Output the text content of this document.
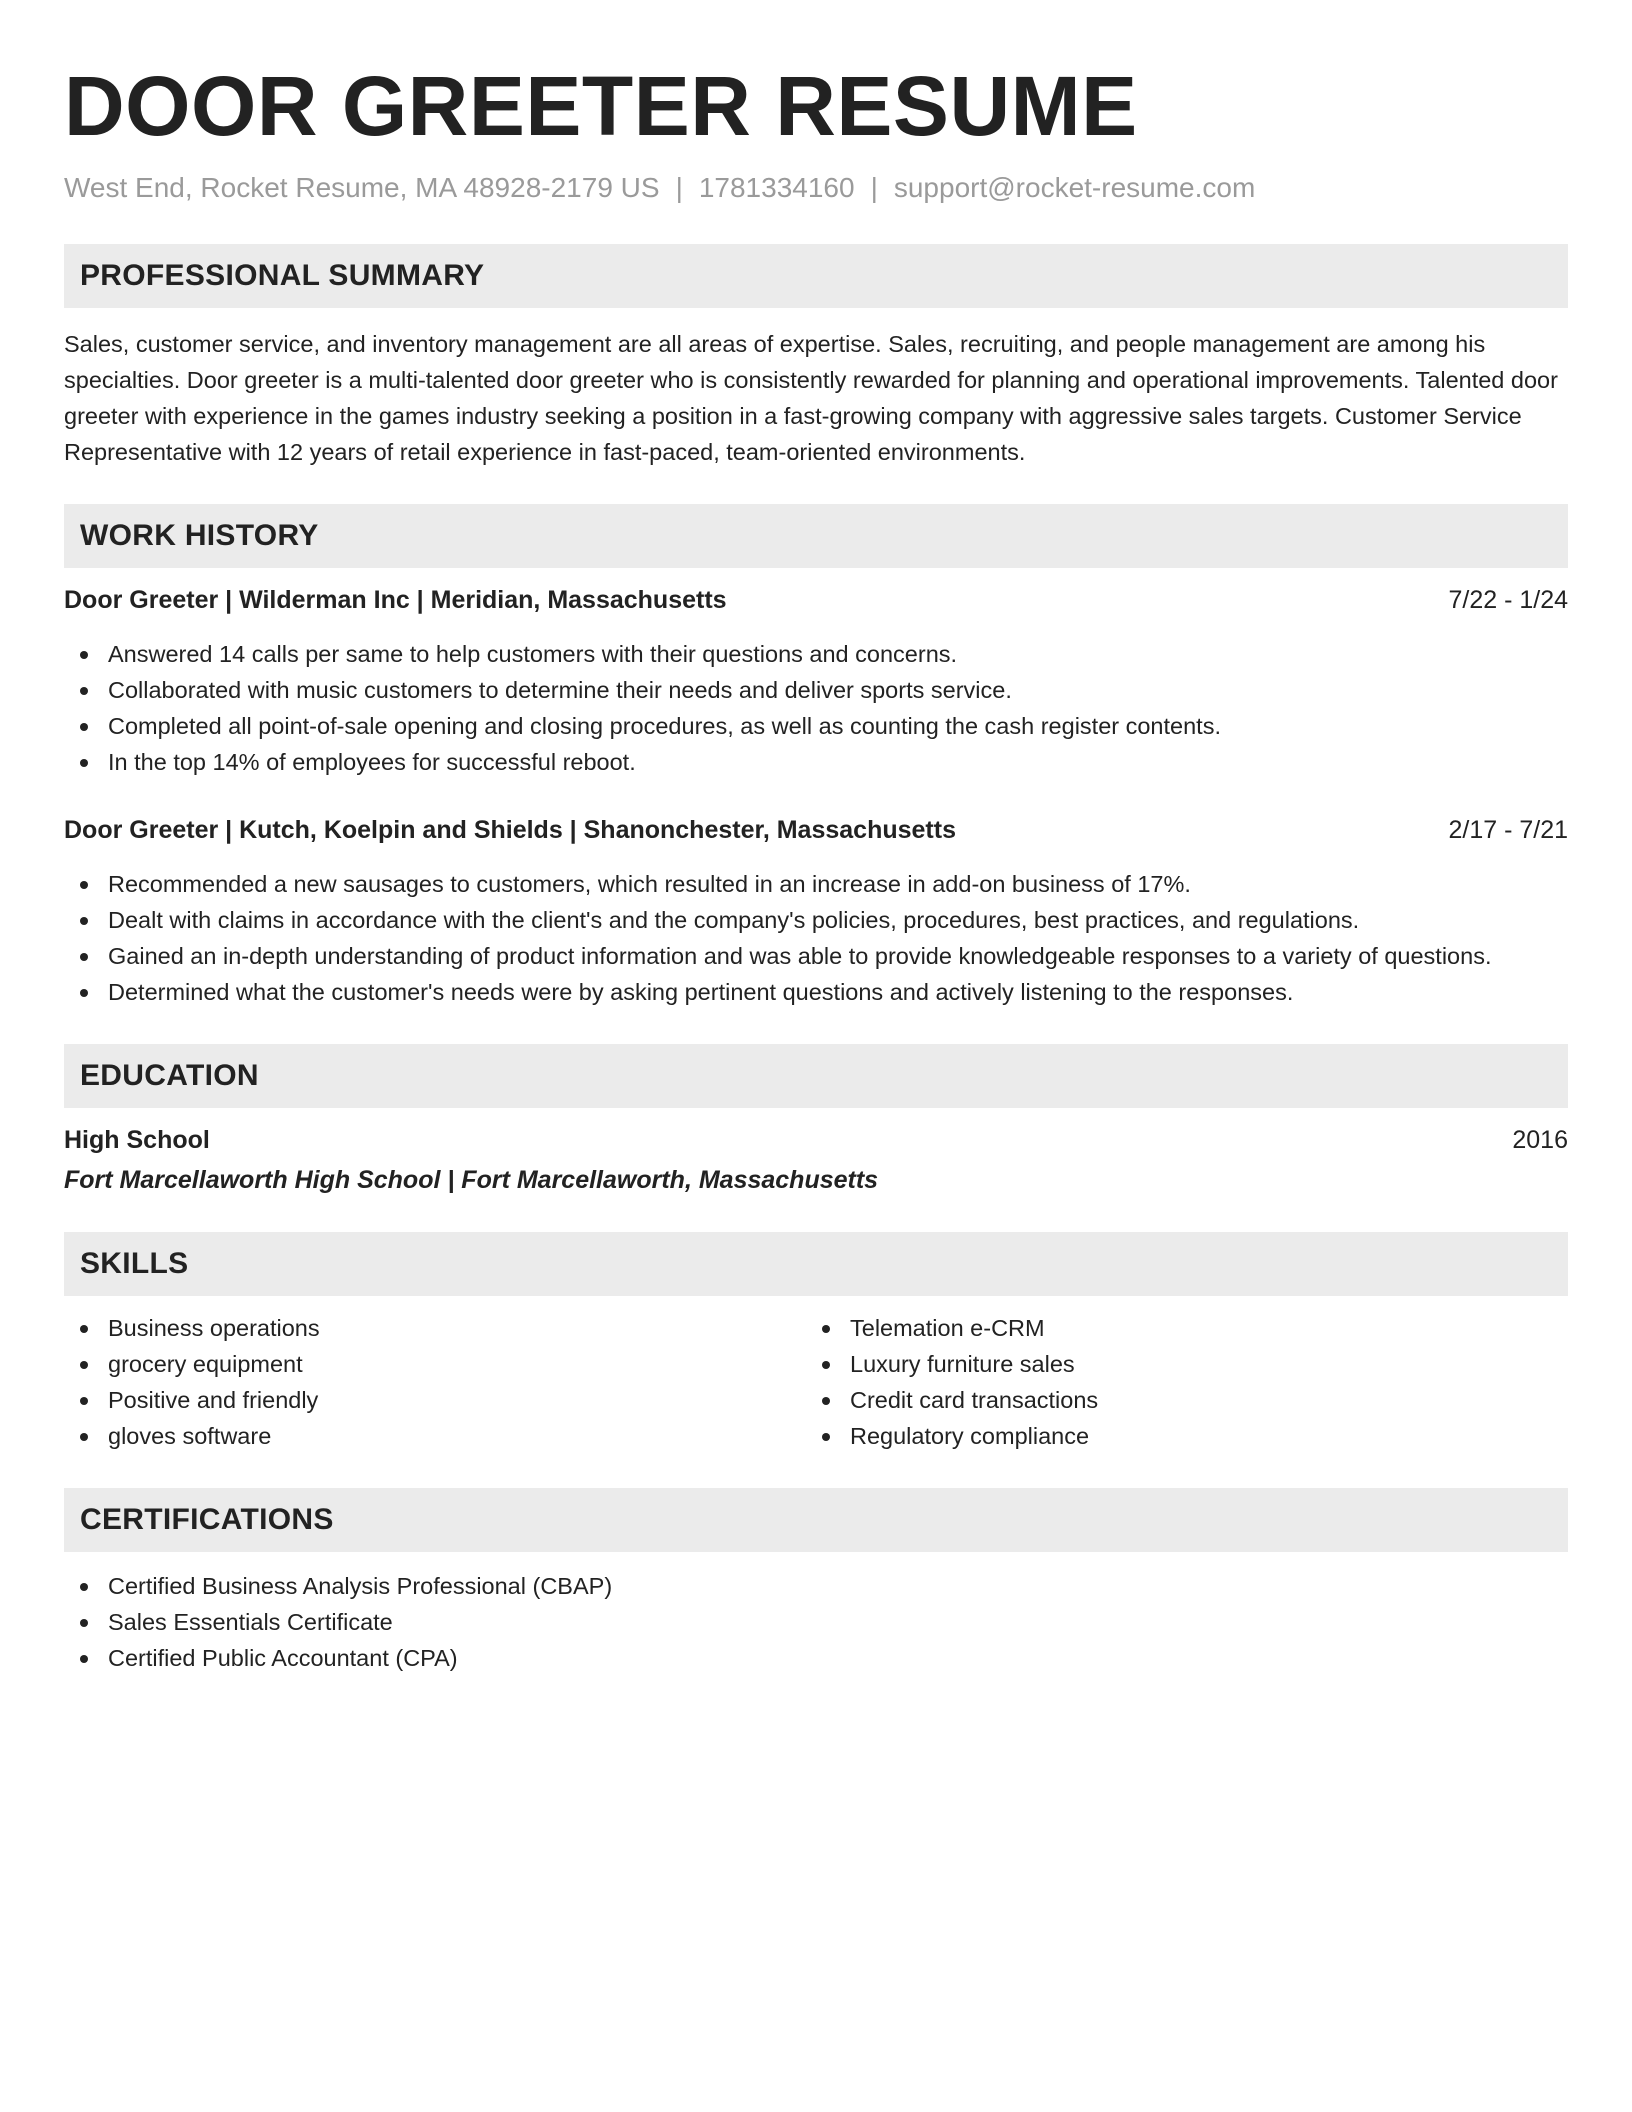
DOOR GREETER RESUME
West End, Rocket Resume, MA 48928-2179 US | 1781334160 | support@rocket-resume.com
PROFESSIONAL SUMMARY
Sales, customer service, and inventory management are all areas of expertise. Sales, recruiting, and people management are among his specialties. Door greeter is a multi-talented door greeter who is consistently rewarded for planning and operational improvements. Talented door greeter with experience in the games industry seeking a position in a fast-growing company with aggressive sales targets. Customer Service Representative with 12 years of retail experience in fast-paced, team-oriented environments.
WORK HISTORY
Door Greeter | Wilderman Inc | Meridian, Massachusetts	7/22 - 1/24
Answered 14 calls per same to help customers with their questions and concerns.
Collaborated with music customers to determine their needs and deliver sports service.
Completed all point-of-sale opening and closing procedures, as well as counting the cash register contents.
In the top 14% of employees for successful reboot.
Door Greeter | Kutch, Koelpin and Shields | Shanonchester, Massachusetts	2/17 - 7/21
Recommended a new sausages to customers, which resulted in an increase in add-on business of 17%.
Dealt with claims in accordance with the client's and the company's policies, procedures, best practices, and regulations.
Gained an in-depth understanding of product information and was able to provide knowledgeable responses to a variety of questions.
Determined what the customer's needs were by asking pertinent questions and actively listening to the responses.
EDUCATION
High School	2016
Fort Marcellaworth High School | Fort Marcellaworth, Massachusetts
SKILLS
Business operations
grocery equipment
Positive and friendly
gloves software
Telemation e-CRM
Luxury furniture sales
Credit card transactions
Regulatory compliance
CERTIFICATIONS
Certified Business Analysis Professional (CBAP)
Sales Essentials Certificate
Certified Public Accountant (CPA)
